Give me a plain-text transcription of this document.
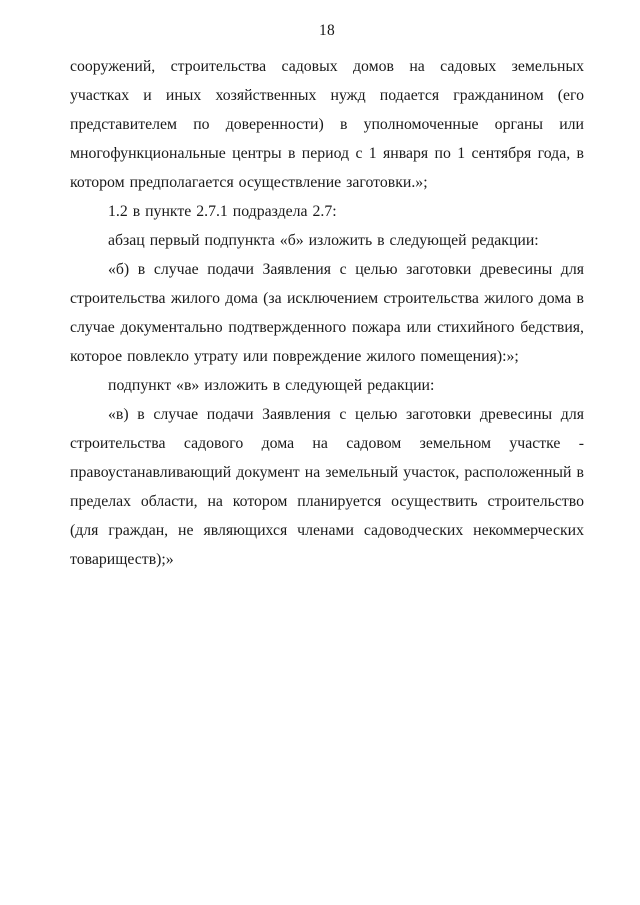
18

сооружений, строительства садовых домов на садовых земельных участках и иных хозяйственных нужд подается гражданином (его представителем по доверенности) в уполномоченные органы или многофункциональные центры в период с 1 января по 1 сентября года, в котором предполагается осуществление заготовки.»;

1.2 в пункте 2.7.1 подраздела 2.7:

абзац первый подпункта «б» изложить в следующей редакции:

«б) в случае подачи Заявления с целью заготовки древесины для строительства жилого дома (за исключением строительства жилого дома в случае документально подтвержденного пожара или стихийного бедствия, которое повлекло утрату или повреждение жилого помещения):»;

подпункт «в» изложить в следующей редакции:

«в) в случае подачи Заявления с целью заготовки древесины для строительства садового дома на садовом земельном участке - правоустанавливающий документ на земельный участок, расположенный в пределах области, на котором планируется осуществить строительство (для граждан, не являющихся членами садоводческих некоммерческих товариществ);»
